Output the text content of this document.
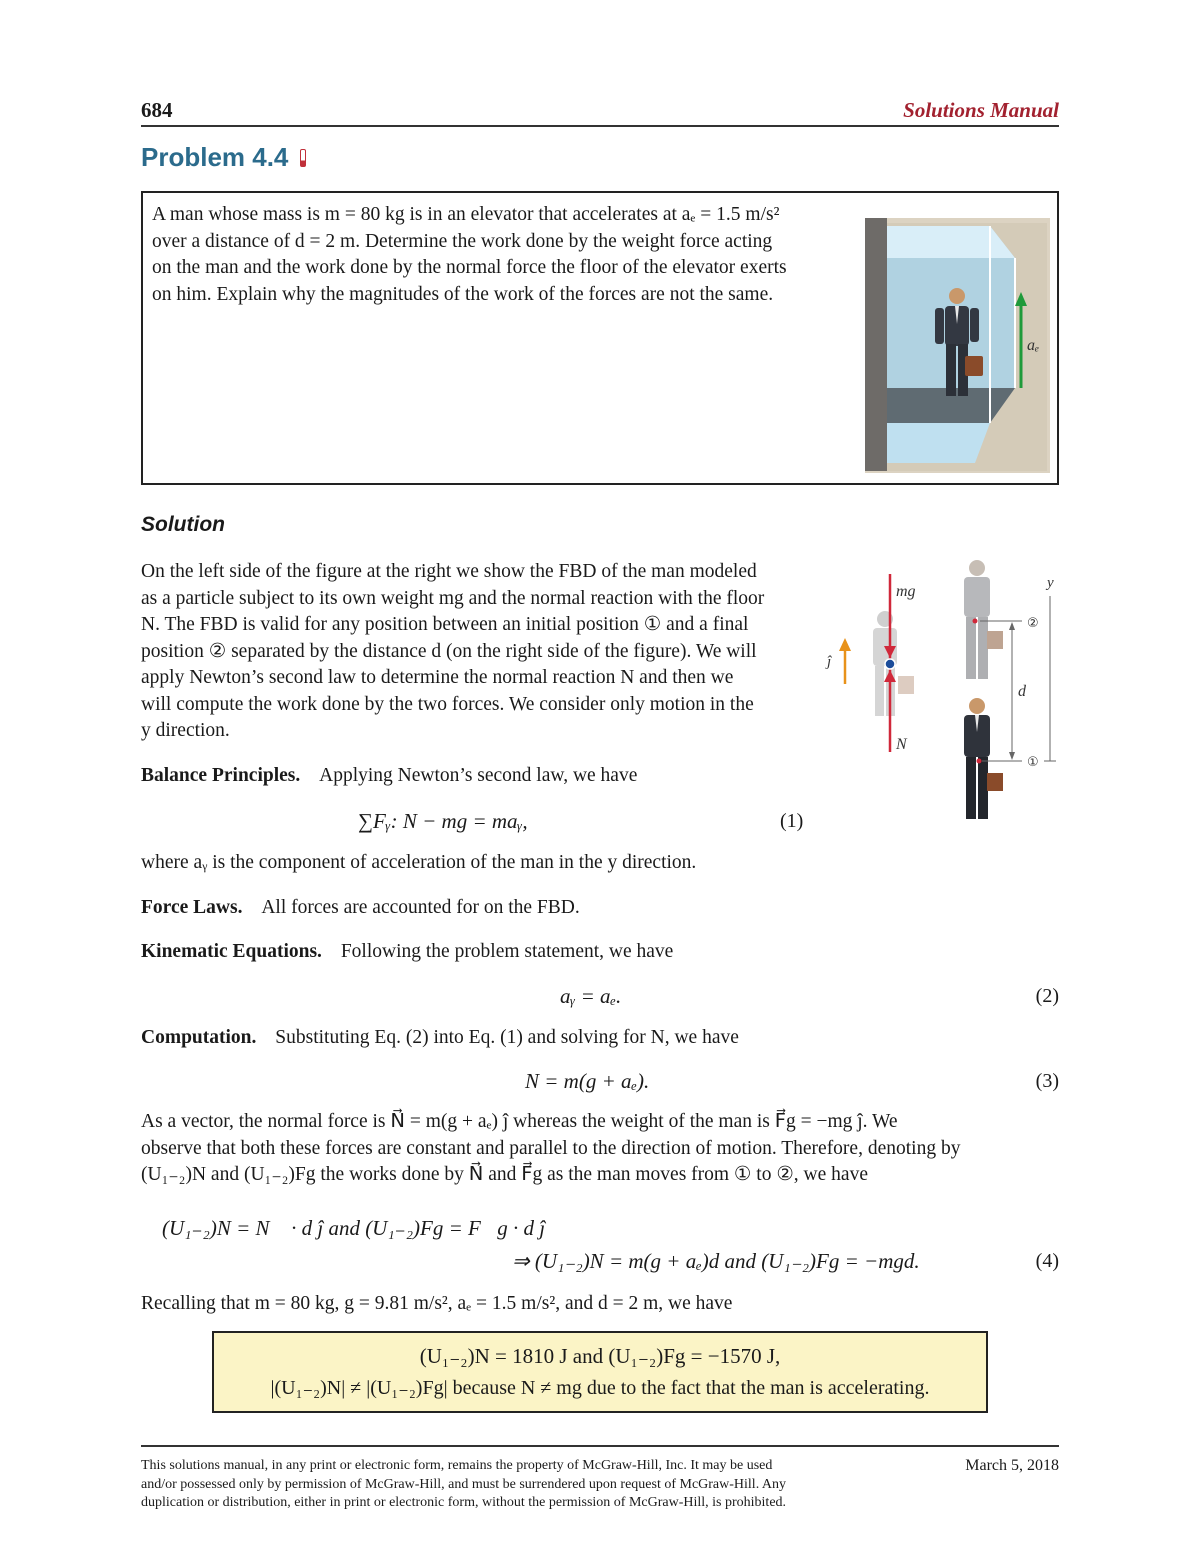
684	Solutions Manual
Problem 4.4
A man whose mass is m = 80 kg is in an elevator that accelerates at aₑ = 1.5 m/s²
over a distance of d = 2 m. Determine the work done by the weight force acting
on the man and the work done by the normal force the floor of the elevator exerts
on him. Explain why the magnitudes of the work of the forces are not the same.
aₑ
Solution
On the left side of the figure at the right we show the FBD of the man modeled
as a particle subject to its own weight mg and the normal reaction with the floor
N. The FBD is valid for any position between an initial position ① and a final
position ② separated by the distance d (on the right side of the figure). We will
apply Newton’s second law to determine the normal reaction N and then we
will compute the work done by the two forces. We consider only motion in the
y direction.
mg
N
ĵ
d
②
①
y
Balance Principles. Applying Newton’s second law, we have
∑Fᵧ: N − mg = maᵧ,	(1)
where aᵧ is the component of acceleration of the man in the y direction.
Force Laws. All forces are accounted for on the FBD.
Kinematic Equations. Following the problem statement, we have
aᵧ = aₑ.	(2)
Computation. Substituting Eq. (2) into Eq. (1) and solving for N, we have
N = m(g + aₑ).	(3)
As a vector, the normal force is N⃗ = m(g + aₑ) ĵ whereas the weight of the man is F⃗g = −mg ĵ. We
observe that both these forces are constant and parallel to the direction of motion. Therefore, denoting by
(U₁₋₂)N and (U₁₋₂)Fg the works done by N⃗ and F⃗g as the man moves from ① to ②, we have
(U₁₋₂)N = N⃗ · d ĵ and (U₁₋₂)Fg = F⃗g · d ĵ
⇒ (U₁₋₂)N = m(g + aₑ)d and (U₁₋₂)Fg = −mgd.	(4)
Recalling that m = 80 kg, g = 9.81 m/s², aₑ = 1.5 m/s², and d = 2 m, we have
(U₁₋₂)N = 1810 J and (U₁₋₂)Fg = −1570 J,
|(U₁₋₂)N| ≠ |(U₁₋₂)Fg| because N ≠ mg due to the fact that the man is accelerating.
This solutions manual, in any print or electronic form, remains the property of McGraw-Hill, Inc. It may be used
and/or possessed only by permission of McGraw-Hill, and must be surrendered upon request of McGraw-Hill. Any
duplication or distribution, either in print or electronic form, without the permission of McGraw-Hill, is prohibited.
March 5, 2018
